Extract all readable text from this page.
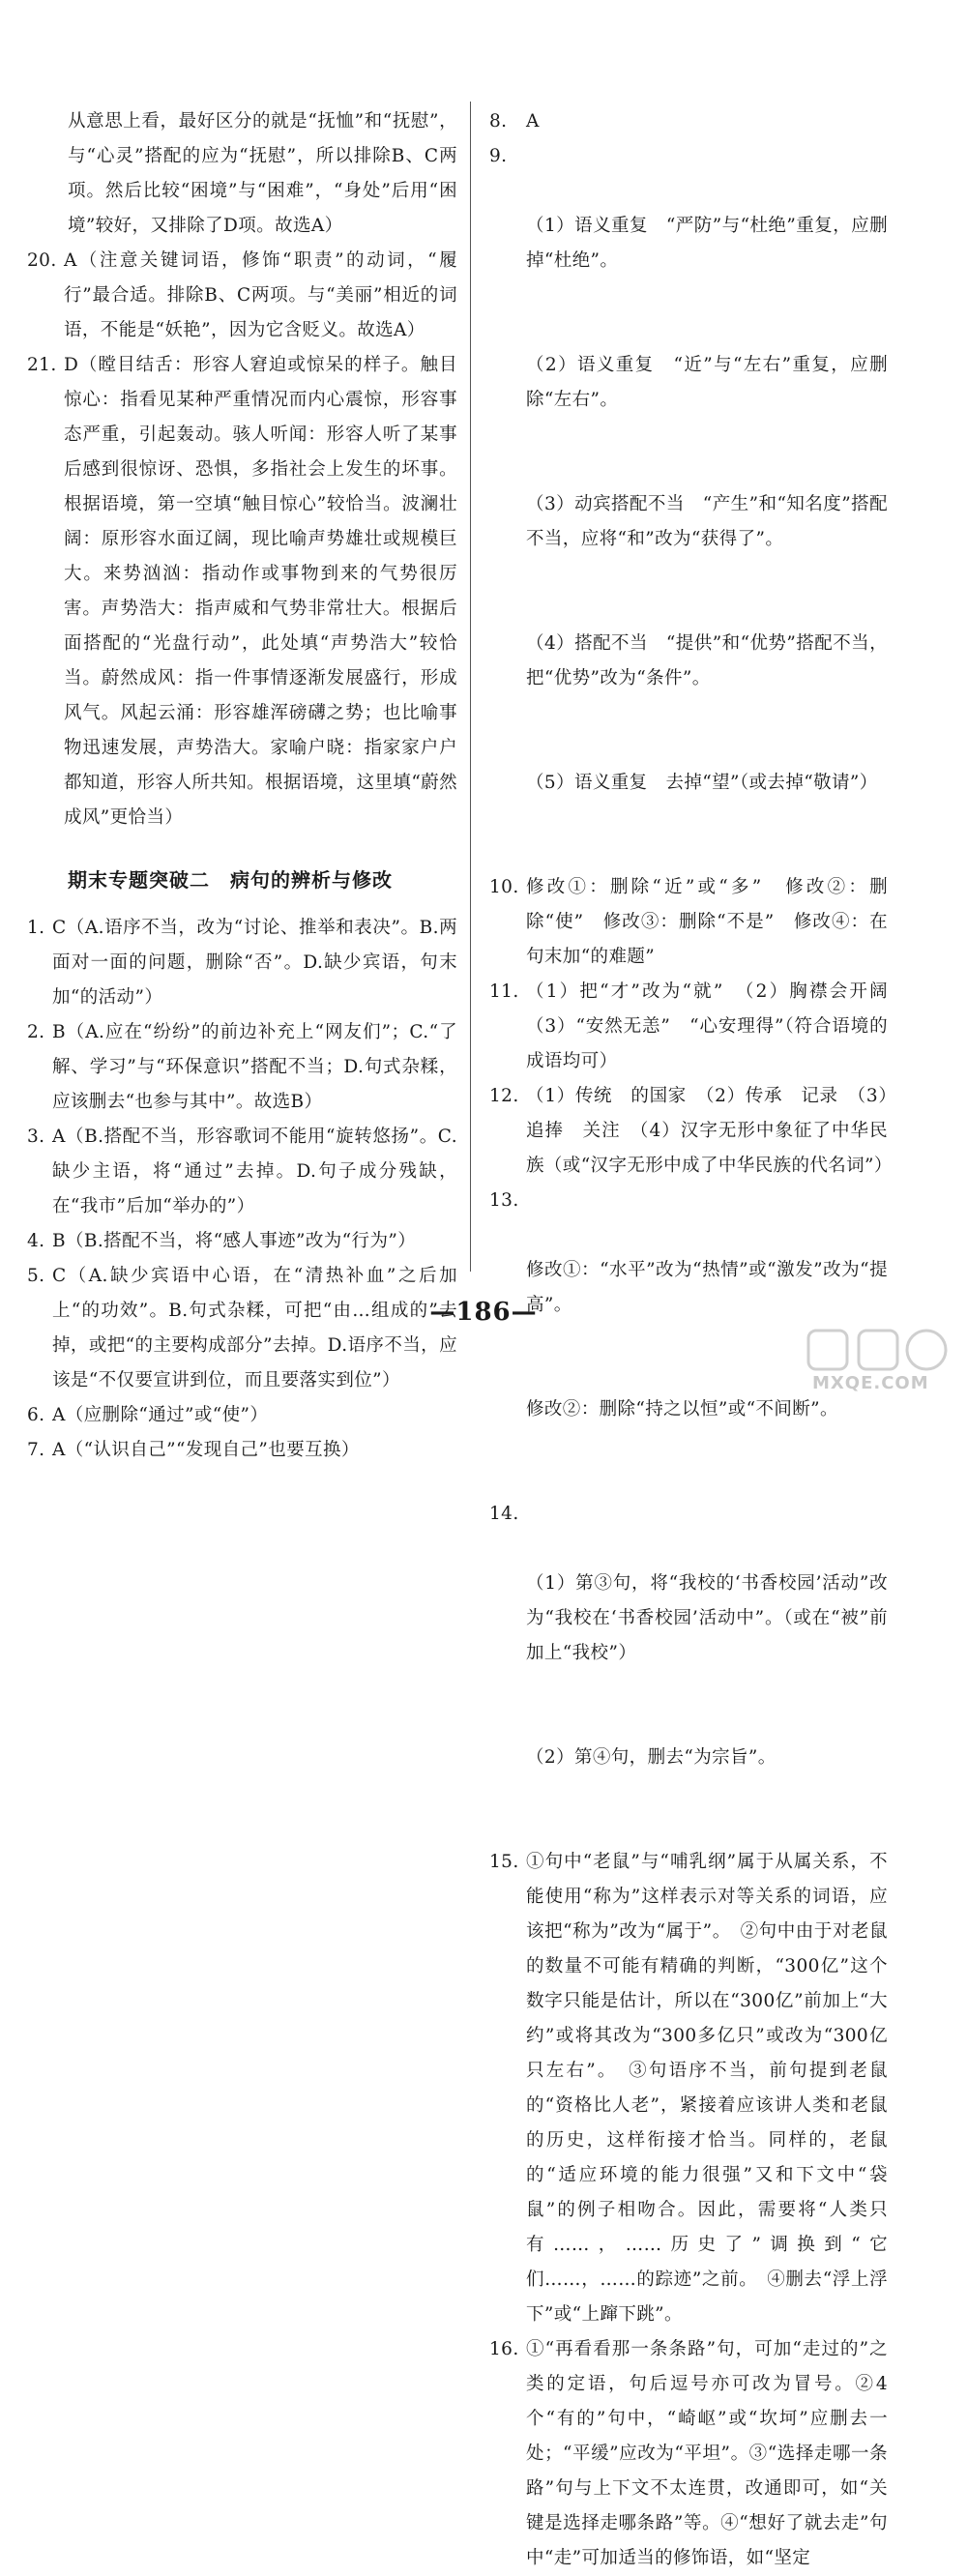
从意思上看，最好区分的就是“抚恤”和“抚慰”，与“心灵”搭配的应为“抚慰”，所以排除B、C两项。然后比较“困境”与“困难”，“身处”后用“困境”较好，又排除了D项。故选A）
20. A（注意关键词语，修饰“职责”的动词，“履行”最合适。排除B、C两项。与“美丽”相近的词语，不能是“妖艳”，因为它含贬义。故选A）
21. D（瞠目结舌：形容人窘迫或惊呆的样子。触目惊心：指看见某种严重情况而内心震惊，形容事态严重，引起轰动。骇人听闻：形容人听了某事后感到很惊讶、恐惧，多指社会上发生的坏事。根据语境，第一空填“触目惊心”较恰当。波澜壮阔：原形容水面辽阔，现比喻声势雄壮或规模巨大。来势汹汹：指动作或事物到来的气势很厉害。声势浩大：指声威和气势非常壮大。根据后面搭配的“光盘行动”，此处填“声势浩大”较恰当。蔚然成风：指一件事情逐渐发展盛行，形成风气。风起云涌：形容雄浑磅礴之势；也比喻事物迅速发展，声势浩大。家喻户晓：指家家户户都知道，形容人所共知。根据语境，这里填“蔚然成风”更恰当）
期末专题突破二　病句的辨析与修改
1. C（A.语序不当，改为“讨论、推举和表决”。B.两面对一面的问题，删除“否”。D.缺少宾语，句末加“的活动”）
2. B（A.应在“纷纷”的前边补充上“网友们”；C.“了解、学习”与“环保意识”搭配不当；D.句式杂糅，应该删去“也参与其中”。故选B）
3. A（B.搭配不当，形容歌词不能用“旋转悠扬”。C.缺少主语，将“通过”去掉。D.句子成分残缺，在“我市”后加“举办的”）
4. B（B.搭配不当，将“感人事迹”改为“行为”）
5. C（A.缺少宾语中心语，在“清热补血”之后加上“的功效”。B.句式杂糅，可把“由…组成的”去掉，或把“的主要构成部分”去掉。D.语序不当，应该是“不仅要宣讲到位，而且要落实到位”）
6. A（应删除“通过”或“使”）
7. A（“认识自己”“发现自己”也要互换）
8.	A
9.

（1）语义重复　“严防”与“杜绝”重复，应删掉“杜绝”。

（2）语义重复　“近”与“左右”重复，应删除“左右”。

（3）动宾搭配不当　“产生”和“知名度”搭配不当，应将“和”改为“获得了”。

（4）搭配不当　“提供”和“优势”搭配不当，把“优势”改为“条件”。

（5）语义重复　去掉“望”（或去掉“敬请”）

10. 修改①：删除“近”或“多”　修改②：删除“使”　修改③：删除“不是”　修改④：在句末加“的难题”
11. （1）把“才”改为“就”　（2）胸襟会开阔　（3）“安然无恙”　“心安理得”（符合语境的成语均可）
12. （1）传统　的国家　（2）传承　记录　（3）追捧　关注　（4）汉字无形中象征了中华民族（或“汉字无形中成了中华民族的代名词”）
13.

修改①：“水平”改为“热情”或“激发”改为“提高”。

修改②：删除“持之以恒”或“不间断”。

14.

（1）第③句，将“我校的‘书香校园’活动”改为“我校在‘书香校园’活动中”。（或在“被”前加上“我校”）

（2）第④句，删去“为宗旨”。

15. ①句中“老鼠”与“哺乳纲”属于从属关系，不能使用“称为”这样表示对等关系的词语，应该把“称为”改为“属于”。　②句中由于对老鼠的数量不可能有精确的判断，“300亿”这个数字只能是估计，所以在“300亿”前加上“大约”或将其改为“300多亿只”或改为“300亿只左右”。　③句语序不当，前句提到老鼠的“资格比人老”，紧接着应该讲人类和老鼠的历史，这样衔接才恰当。同样的，老鼠的“适应环境的能力很强”又和下文中“袋鼠”的例子相吻合。因此，需要将“人类只有……，……历史了”调换到“它们……，……的踪迹”之前。　④删去“浮上浮下”或“上蹿下跳”。
16. ①“再看看那一条条路”句，可加“走过的”之类的定语，句后逗号亦可改为冒号。②4个“有的”句中，“崎岖”或“坎坷”应删去一处；“平缓”应改为“平坦”。③“选择走哪一条路”句与上下文不太连贯，改通即可，如“关键是选择走哪条路”等。④“想好了就去走”句中“走”可加适当的修饰语，如“坚定
—186—
MXQE.COM
